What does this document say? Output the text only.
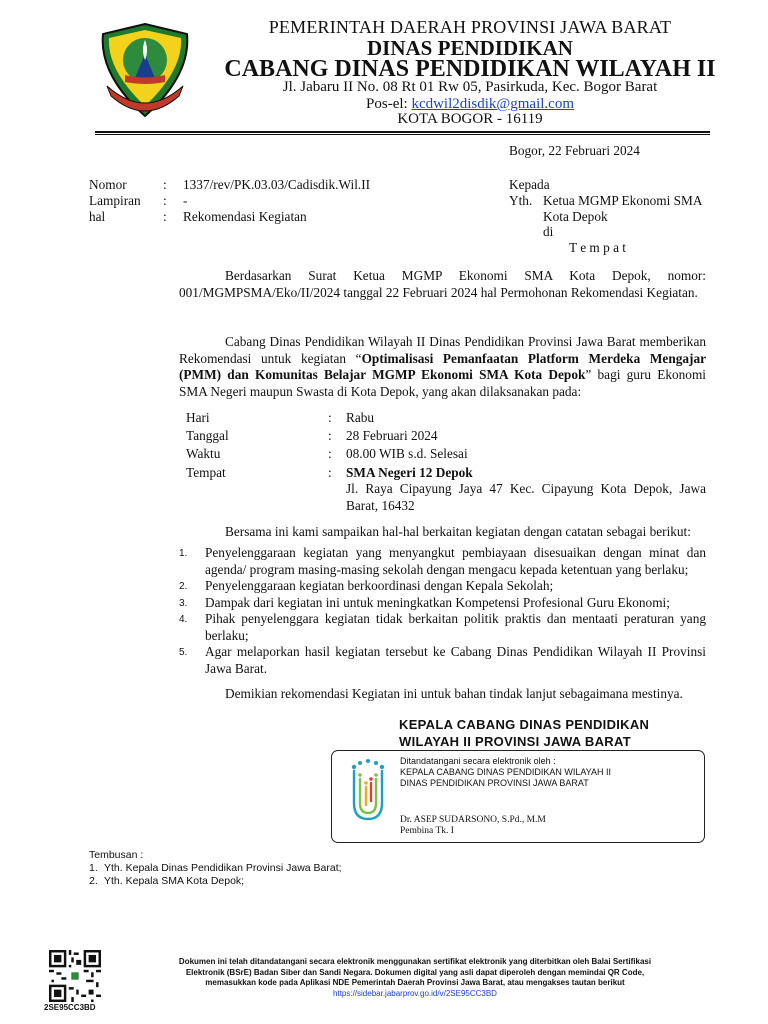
PEMERINTAH DAERAH PROVINSI JAWA BARAT
DINAS PENDIDIKAN
CABANG DINAS PENDIDIKAN WILAYAH II
Jl. Jabaru II No. 08 Rt 01 Rw 05, Pasirkuda, Kec. Bogor Barat
Pos-el: kcdwil2disdik@gmail.com
KOTA BOGOR - 16119
Bogor, 22 Februari 2024
Nomor	: 1337/rev/PK.03.03/Cadisdik.Wil.II
Lampiran : -
hal	: Rekomendasi Kegiatan
Kepada
Yth. Ketua MGMP Ekonomi SMA
Kota Depok
di
T e m p a t
Berdasarkan Surat Ketua MGMP Ekonomi SMA Kota Depok, nomor: 001/MGMPSMA/Eko/II/2024 tanggal 22 Februari 2024 hal Permohonan Rekomendasi Kegiatan.
Cabang Dinas Pendidikan Wilayah II Dinas Pendidikan Provinsi Jawa Barat memberikan Rekomendasi untuk kegiatan “Optimalisasi Pemanfaatan Platform Merdeka Mengajar (PMM) dan Komunitas Belajar MGMP Ekonomi SMA Kota Depok” bagi guru Ekonomi SMA Negeri maupun Swasta di Kota Depok, yang akan dilaksanakan pada:
Hari	: Rabu
Tanggal	: 28 Februari 2024
Waktu	: 08.00 WIB s.d. Selesai
Tempat	: SMA Negeri 12 Depok
Jl. Raya Cipayung Jaya 47 Kec. Cipayung Kota Depok, Jawa Barat, 16432
Bersama ini kami sampaikan hal-hal berkaitan kegiatan dengan catatan sebagai berikut:
1. Penyelenggaraan kegiatan yang menyangkut pembiayaan disesuaikan dengan minat dan agenda/ program masing-masing sekolah dengan mengacu kepada ketentuan yang berlaku;
2. Penyelenggaraan kegiatan berkoordinasi dengan Kepala Sekolah;
3. Dampak dari kegiatan ini untuk meningkatkan Kompetensi Profesional Guru Ekonomi;
4. Pihak penyelenggara kegiatan tidak berkaitan politik praktis dan mentaati peraturan yang berlaku;
5. Agar melaporkan hasil kegiatan tersebut ke Cabang Dinas Pendidikan Wilayah II Provinsi Jawa Barat.
Demikian rekomendasi Kegiatan ini untuk bahan tindak lanjut sebagaimana mestinya.
KEPALA CABANG DINAS PENDIDIKAN
WILAYAH II PROVINSI JAWA BARAT
Ditandatangani secara elektronik oleh :
KEPALA CABANG DINAS PENDIDIKAN WILAYAH II
DINAS PENDIDIKAN PROVINSI JAWA BARAT
Dr. ASEP SUDARSONO, S.Pd., M.M
Pembina Tk. I
Tembusan :
1. Yth. Kepala Dinas Pendidikan Provinsi Jawa Barat;
2. Yth. Kepala SMA Kota Depok;
2SE95CC3BD
Dokumen ini telah ditandatangani secara elektronik menggunakan sertifikat elektronik yang diterbitkan oleh Balai Sertifikasi
Elektronik (BSrE) Badan Siber dan Sandi Negara. Dokumen digital yang asli dapat diperoleh dengan memindai QR Code,
memasukkan kode pada Aplikasi NDE Pemerintah Daerah Provinsi Jawa Barat, atau mengakses tautan berikut
https://sidebar.jabarprov.go.id/v/2SE95CC3BD
